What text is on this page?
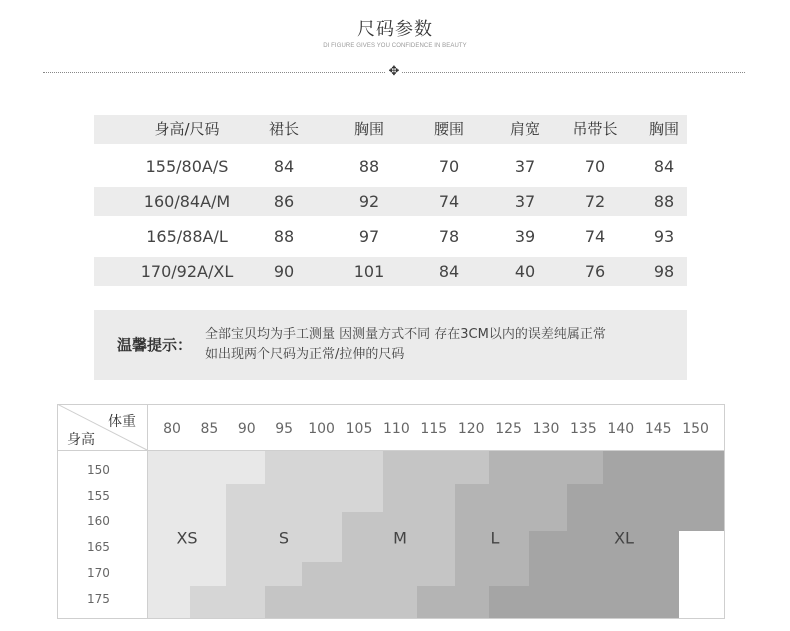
尺码参数
DI FIGURE GIVES YOU CONFIDENCE IN BEAUTY
✥
身高/尺码	裙长	胸围	腰围	肩宽	吊带长	胸围
155/80A/S	84	88	70	37	70	84
160/84A/M	86	92	74	37	72	88
165/88A/L	88	97	78	39	74	93
170/92A/XL	90	101	84	40	76	98
温馨提示：
全部宝贝均为手工测量 因测量方式不同 存在3CM以内的误差纯属正常
如出现两个尺码为正常/拉伸的尺码
体重
身高
80 85 90 95 100 105 110 115 120 125 130 135 140 145 150
150
155
160
165
170
175
XS	S	M	L	XL
